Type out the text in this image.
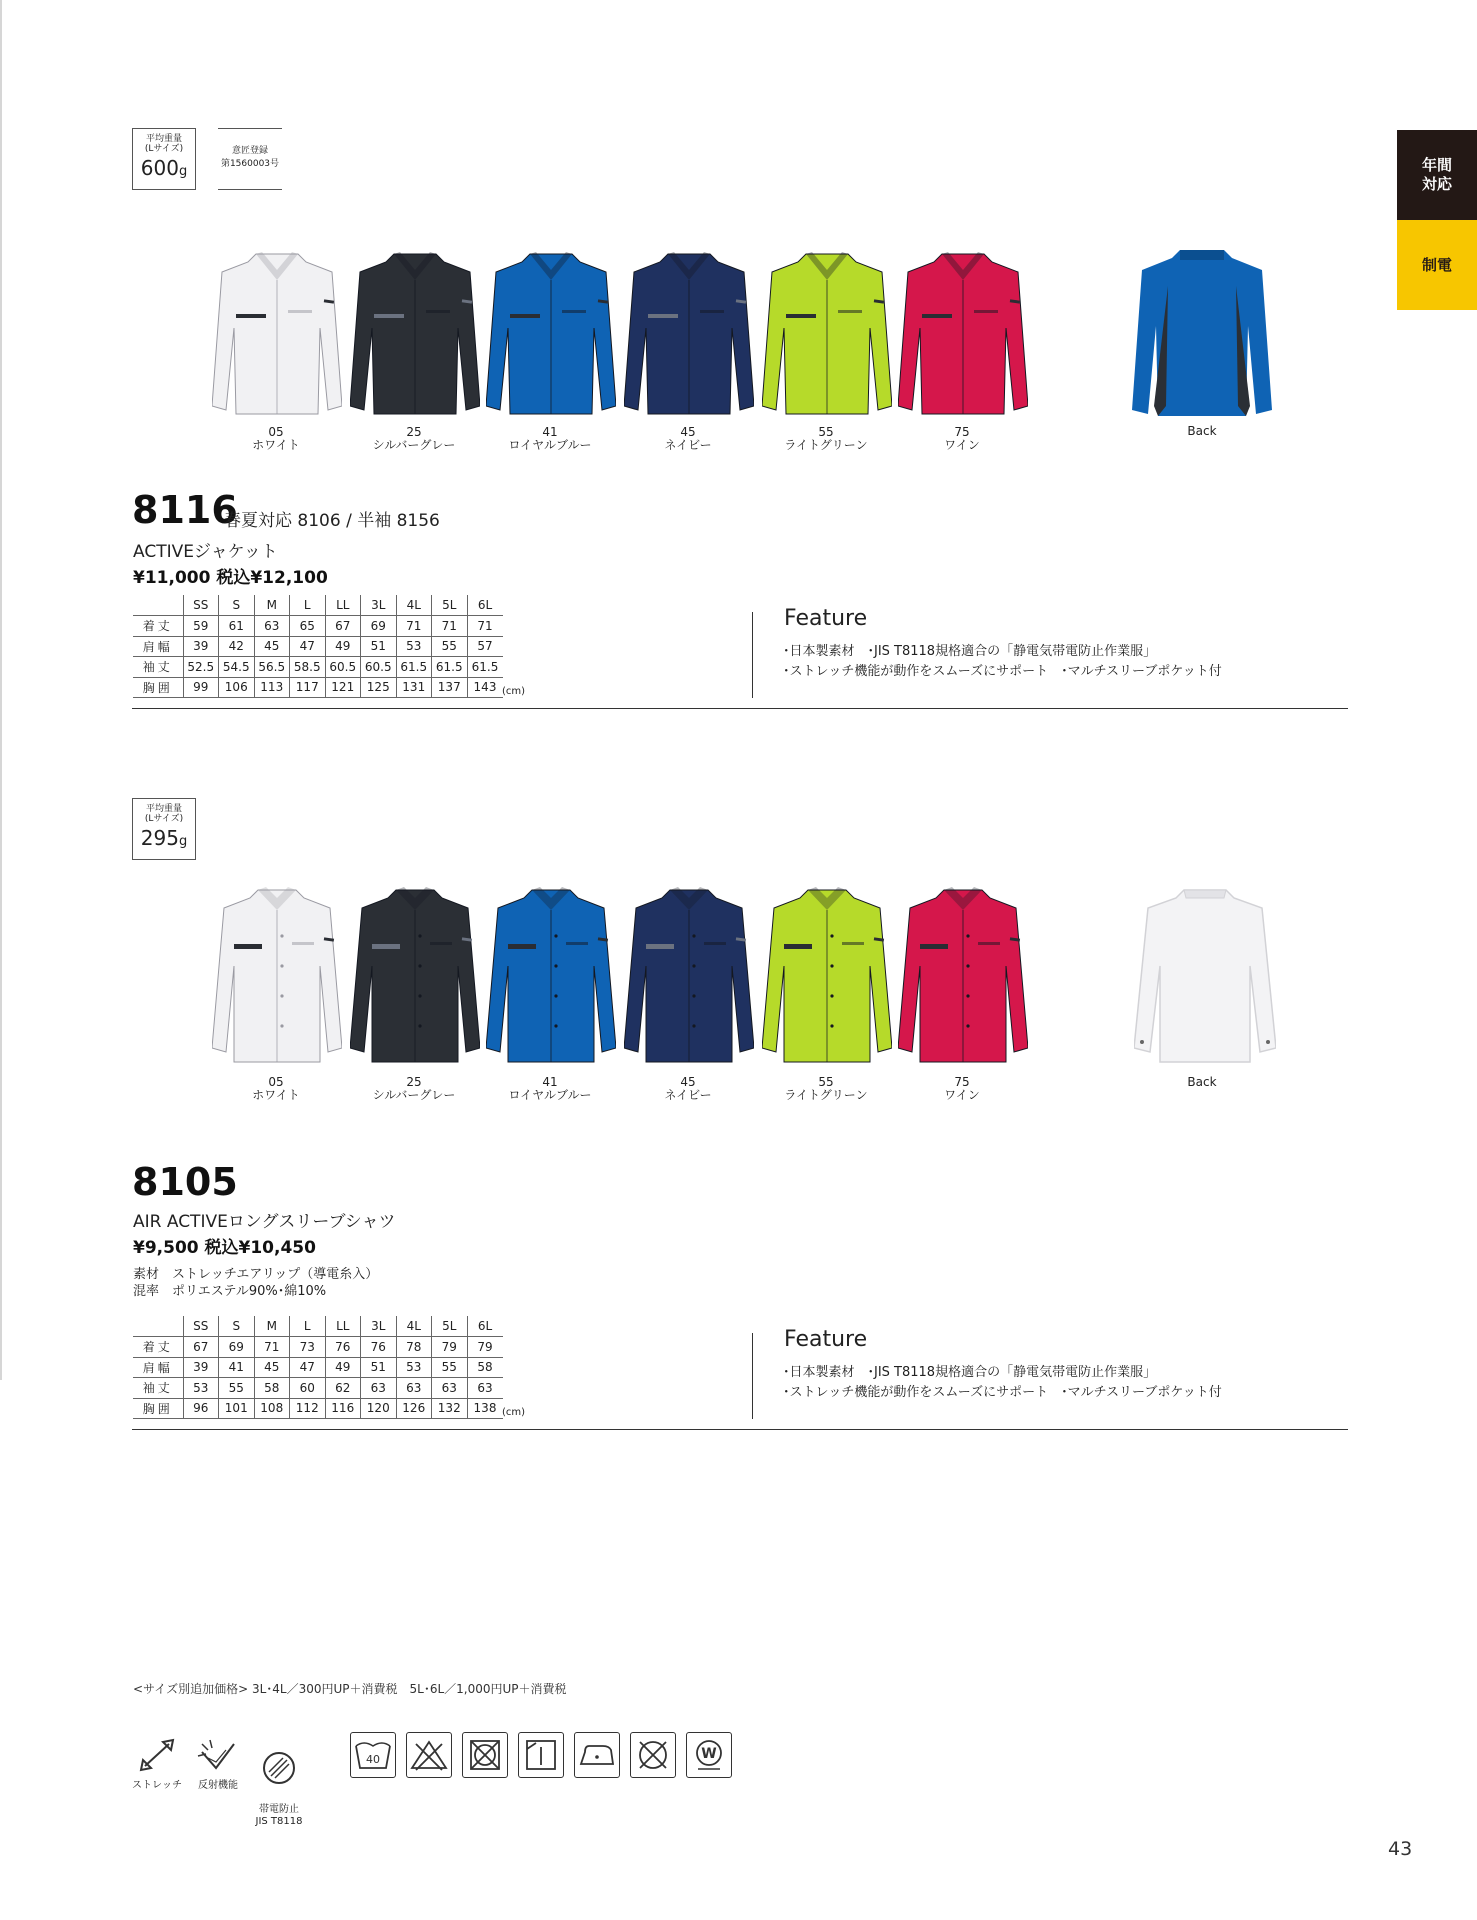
年間
対応
制電
平均重量
(Lサイズ)
600g
意匠登録
第1560003号
05
ホワイト
25
シルバーグレー
41
ロイヤルブルー
45
ネイビー
55
ライトグリーン
75
ワイン
Back
8116
春夏対応 8106 / 半袖 8156
ACTIVEジャケット
¥11,000 税込¥12,100
	SS	S	M	L	LL	3L	4L	5L	6L
着丈	59	61	63	65	67	69	71	71	71
肩幅	39	42	45	47	49	51	53	55	57
袖丈	52.5	54.5	56.5	58.5	60.5	60.5	61.5	61.5	61.5
胸囲	99	106	113	117	121	125	131	137	143 (cm)
Feature
･日本製素材　･JIS T8118規格適合の「静電気帯電防止作業服」
･ストレッチ機能が動作をスムーズにサポート　･マルチスリーブポケット付
平均重量
(Lサイズ)
295g
05
ホワイト
25
シルバーグレー
41
ロイヤルブルー
45
ネイビー
55
ライトグリーン
75
ワイン
Back
8105
AIR ACTIVEロングスリーブシャツ
¥9,500 税込¥10,450
素材　ストレッチエアリップ（導電糸入）
混率　ポリエステル90%･綿10%
	SS	S	M	L	LL	3L	4L	5L	6L
着丈	67	69	71	73	76	76	78	79	79
肩幅	39	41	45	47	49	51	53	55	58
袖丈	53	55	58	60	62	63	63	63	63
胸囲	96	101	108	112	116	120	126	132	138 (cm)
Feature
･日本製素材　･JIS T8118規格適合の「静電気帯電防止作業服」
･ストレッチ機能が動作をスムーズにサポート　･マルチスリーブポケット付
<サイズ別追加価格> 3L･4L／300円UP＋消費税　5L･6L／1,000円UP＋消費税
ストレッチ	反射機能

帯電防止
JIS T8118

40	W
43
